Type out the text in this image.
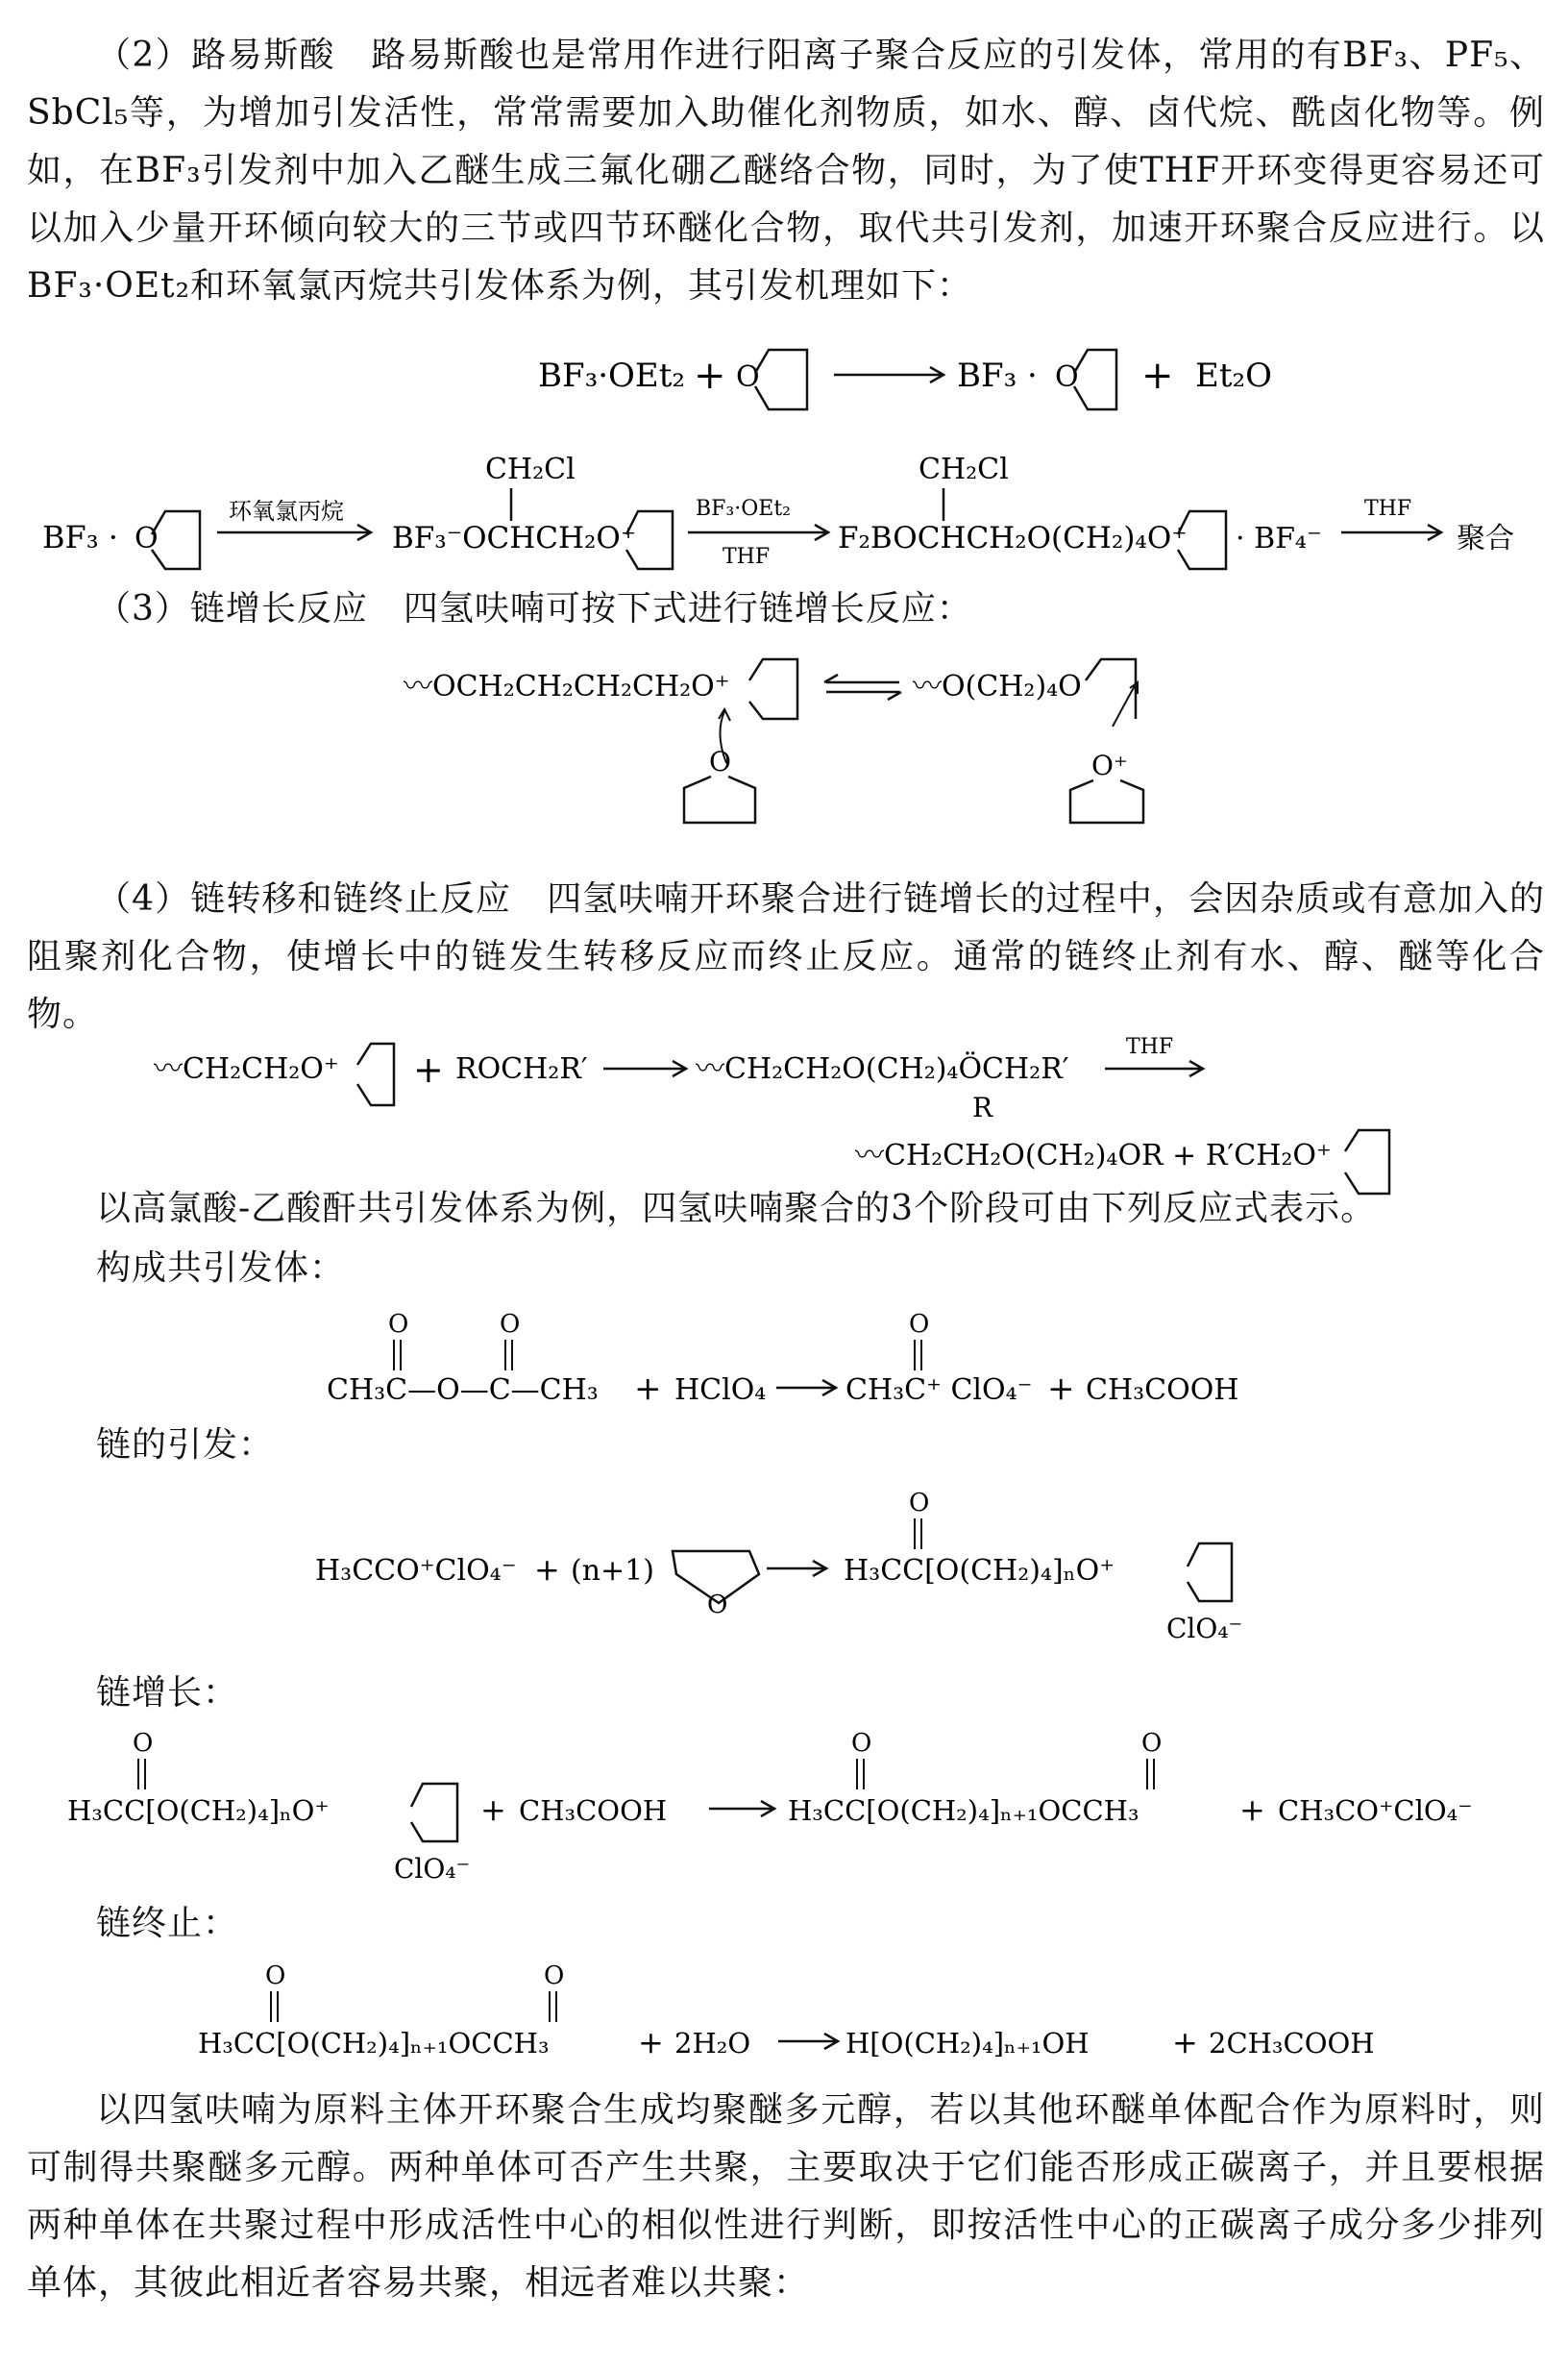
（2）路易斯酸　路易斯酸也是常用作进行阳离子聚合反应的引发体，常用的有BF₃、PF₅、SbCl₅等，为增加引发活性，常常需要加入助催化剂物质，如水、醇、卤代烷、酰卤化物等。例如，在BF₃引发剂中加入乙醚生成三氟化硼乙醚络合物，同时，为了使THF开环变得更容易还可以加入少量开环倾向较大的三节或四节环醚化合物，取代共引发剂，加速开环聚合反应进行。以BF₃·OEt₂和环氧氯丙烷共引发体系为例，其引发机理如下：

BF₃·OEt₂ + O	BF₃ · O + Et₂O
BF₃ · O
环氧氯丙烷
CH₂Cl
BF₃⁻OCHCH₂O⁺
BF₃·OEt₂
THF
CH₂Cl
F₂BOCHCH₂O(CH₂)₄O⁺ · BF₄⁻
THF
聚合
（3）链增长反应　四氢呋喃可按下式进行链增长反应：
〰OCH₂CH₂CH₂CH₂O⁺
O
〰O(CH₂)₄O
O⁺

（4）链转移和链终止反应　四氢呋喃开环聚合进行链增长的过程中，会因杂质或有意加入的阻聚剂化合物，使增长中的链发生转移反应而终止反应。通常的链终止剂有水、醇、醚等化合物。

〰CH₂CH₂O⁺ + ROCH₂R′	〰CH₂CH₂O(CH₂)₄ÖCH₂R′
R
THF
〰CH₂CH₂O(CH₂)₄OR + R′CH₂O⁺
以高氯酸-乙酸酐共引发体系为例，四氢呋喃聚合的3个阶段可由下列反应式表示。
构成共引发体：
O	O
CH₃C—O—C—CH₃ + HClO₄
O
CH₃C⁺ ClO₄⁻ + CH₃COOH
链的引发：
H₃CCO⁺ClO₄⁻ + (n+1)
O
O
H₃CC[O(CH₂)₄]ₙO⁺
ClO₄⁻
链增长：
O
H₃CC[O(CH₂)₄]ₙO⁺
ClO₄⁻
+ CH₃COOH
O	O
H₃CC[O(CH₂)₄]ₙ₊₁OCCH₃	+ CH₃CO⁺ClO₄⁻
链终止：
O	O
H₃CC[O(CH₂)₄]ₙ₊₁OCCH₃	+ 2H₂O	H[O(CH₂)₄]ₙ₊₁OH	+ 2CH₃COOH

以四氢呋喃为原料主体开环聚合生成均聚醚多元醇，若以其他环醚单体配合作为原料时，则可制得共聚醚多元醇。两种单体可否产生共聚，主要取决于它们能否形成正碳离子，并且要根据两种单体在共聚过程中形成活性中心的相似性进行判断，即按活性中心的正碳离子成分多少排列单体，其彼此相近者容易共聚，相远者难以共聚：
